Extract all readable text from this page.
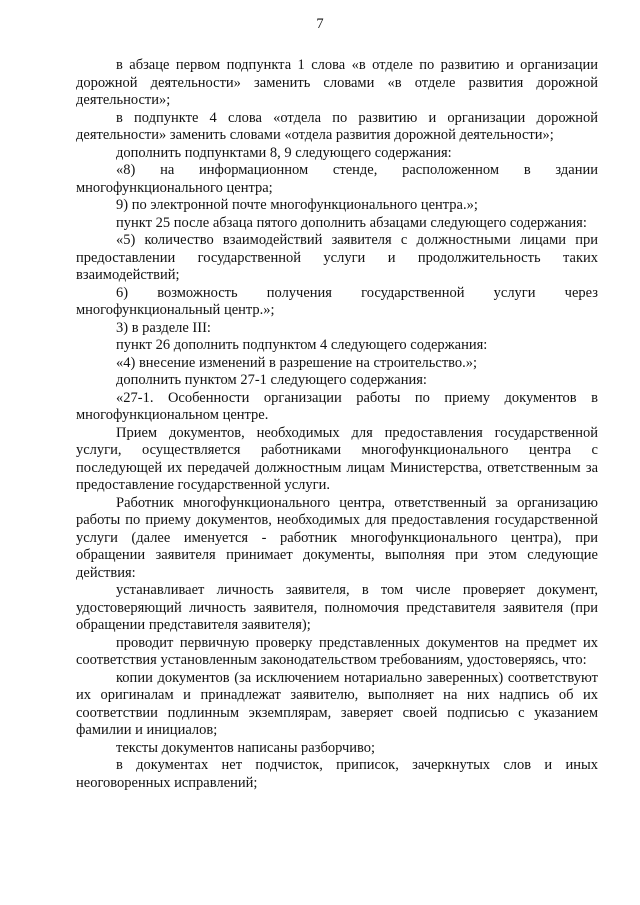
7

в абзаце первом подпункта 1 слова «в отделе по развитию и организации дорожной деятельности» заменить словами «в отделе развития дорожной деятельности»;

в подпункте 4 слова «отдела по развитию и организации дорожной деятельности» заменить словами «отдела развития дорожной деятельности»;

дополнить подпунктами 8, 9 следующего содержания:

«8) на информационном стенде, расположенном в здании многофункционального центра;

9) по электронной почте многофункционального центра.»;

пункт 25 после абзаца пятого дополнить абзацами следующего содержания:

«5) количество взаимодействий заявителя с должностными лицами при предоставлении государственной услуги и продолжительность таких взаимодействий;

6) возможность получения государственной услуги через многофункциональный центр.»;

3) в разделе III:

пункт 26 дополнить подпунктом 4 следующего содержания:

«4) внесение изменений в разрешение на строительство.»;

дополнить пунктом 27-1 следующего содержания:

«27-1. Особенности организации работы по приему документов в многофункциональном центре.

Прием документов, необходимых для предоставления государственной услуги, осуществляется работниками многофункционального центра с последующей их передачей должностным лицам Министерства, ответственным за предоставление государственной услуги.

Работник многофункционального центра, ответственный за организацию работы по приему документов, необходимых для предоставления государственной услуги (далее именуется - работник многофункционального центра), при обращении заявителя принимает документы, выполняя при этом следующие действия:

устанавливает личность заявителя, в том числе проверяет документ, удостоверяющий личность заявителя, полномочия представителя заявителя (при обращении представителя заявителя);

проводит первичную проверку представленных документов на предмет их соответствия установленным законодательством требованиям, удостоверяясь, что:

копии документов (за исключением нотариально заверенных) соответствуют их оригиналам и принадлежат заявителю, выполняет на них надпись об их соответствии подлинным экземплярам, заверяет своей подписью с указанием фамилии и инициалов;

тексты документов написаны разборчиво;

в документах нет подчисток, приписок, зачеркнутых слов и иных неоговоренных исправлений;
